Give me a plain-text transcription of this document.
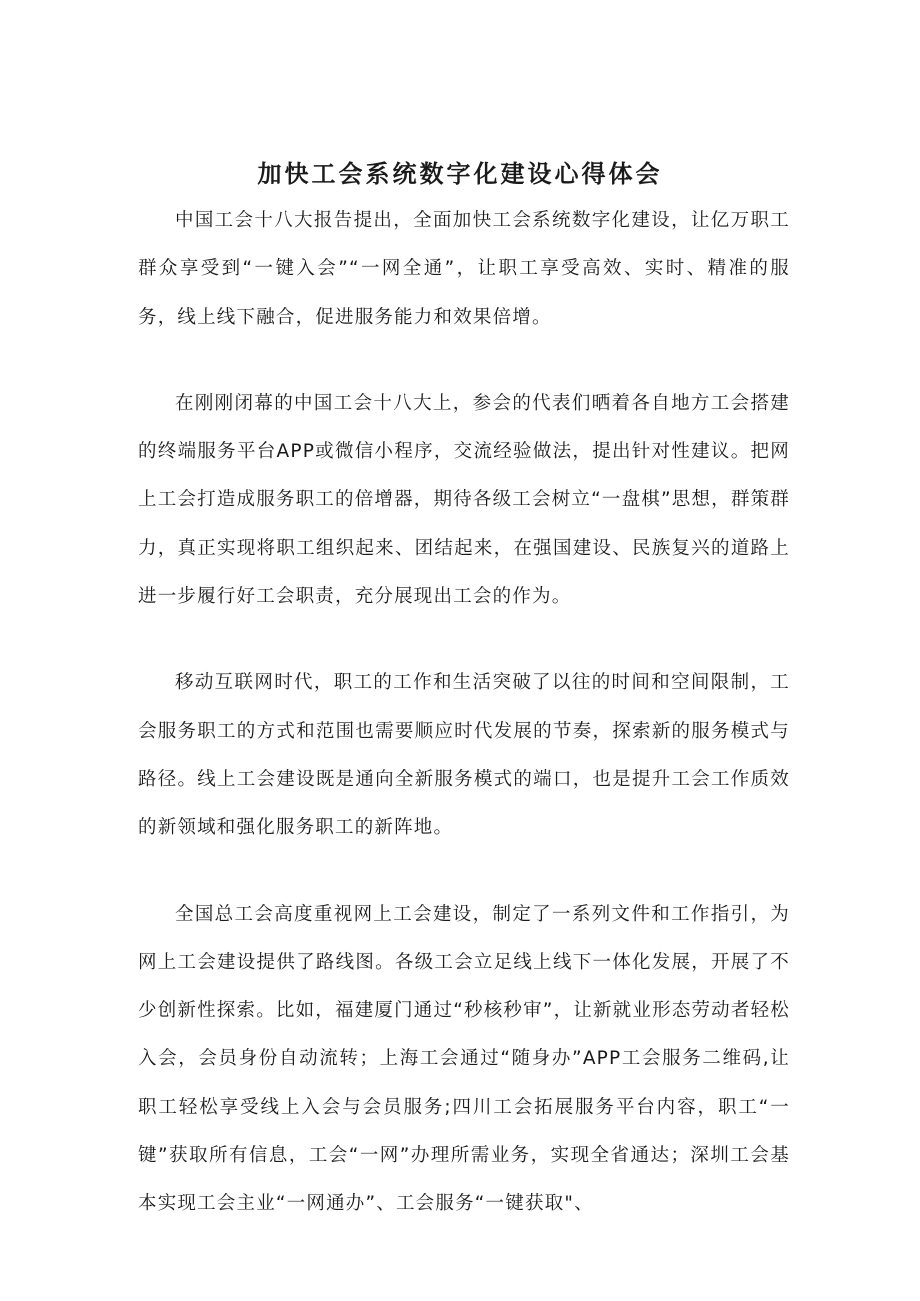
加快工会系统数字化建设心得体会

中国工会十八大报告提出，全面加快工会系统数字化建设，让亿万职工群众享受到“一键入会”“一网全通”，让职工享受高效、实时、精准的服务，线上线下融合，促进服务能力和效果倍增。

在刚刚闭幕的中国工会十八大上，参会的代表们晒着各自地方工会搭建的终端服务平台APP或微信小程序，交流经验做法，提出针对性建议。把网上工会打造成服务职工的倍增器，期待各级工会树立“一盘棋”思想，群策群力，真正实现将职工组织起来、团结起来，在强国建设、民族复兴的道路上进一步履行好工会职责，充分展现出工会的作为。

移动互联网时代，职工的工作和生活突破了以往的时间和空间限制，工会服务职工的方式和范围也需要顺应时代发展的节奏，探索新的服务模式与路径。线上工会建设既是通向全新服务模式的端口，也是提升工会工作质效的新领域和强化服务职工的新阵地。

全国总工会高度重视网上工会建设，制定了一系列文件和工作指引，为网上工会建设提供了路线图。各级工会立足线上线下一体化发展，开展了不少创新性探索。比如，福建厦门通过“秒核秒审”，让新就业形态劳动者轻松入会，会员身份自动流转；上海工会通过“随身办”APP工会服务二维码,让职工轻松享受线上入会与会员服务;四川工会拓展服务平台内容，职工“一键”获取所有信息，工会“一网”办理所需业务，实现全省通达；深圳工会基本实现工会主业“一网通办”、工会服务“一键获取"、
